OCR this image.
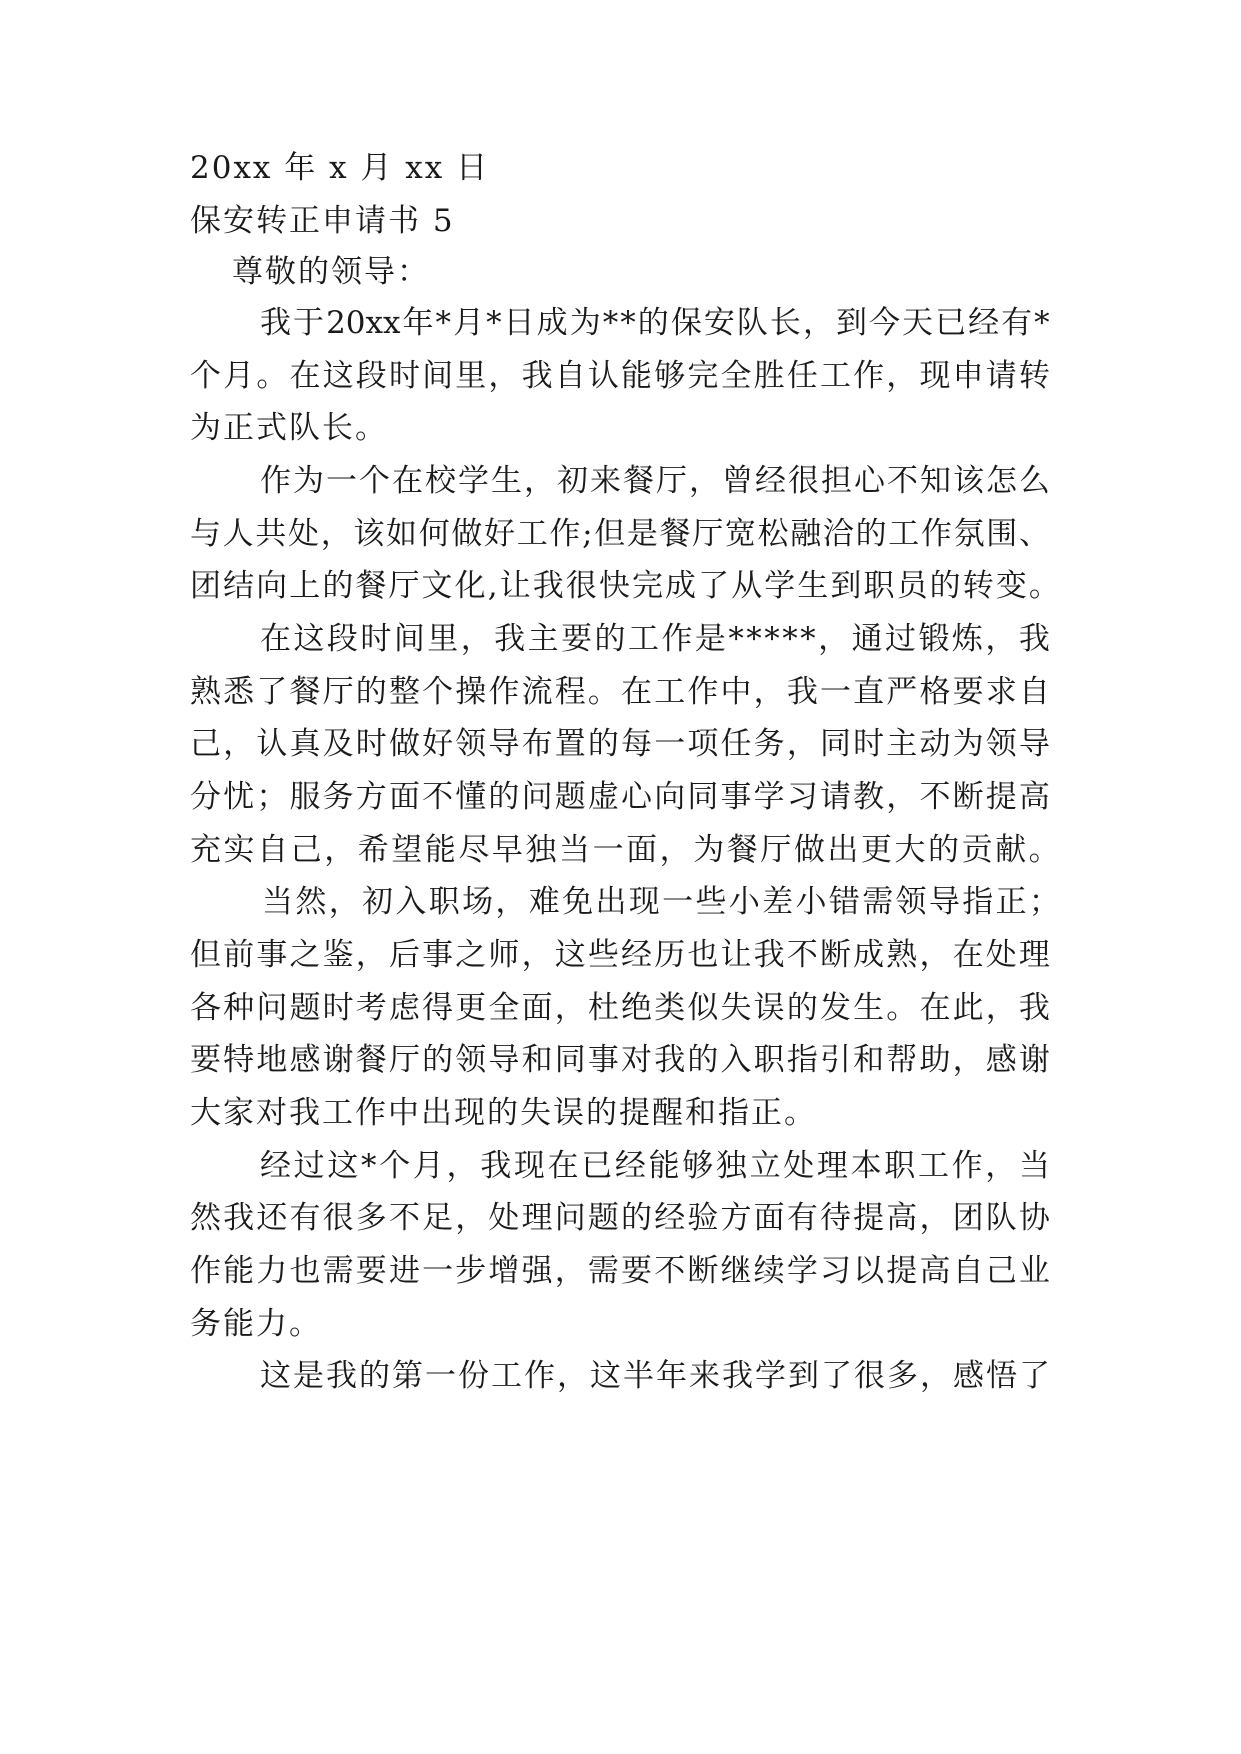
20xx 年 x 月 xx 日
保安转正申请书 5
尊敬的领导：
我 于 20xx 年 * 月 * 日 成 为 * * 的 保 安 队 长 ， 到 今 天 已 经 有 *
个 月 。 在 这 段 时 间 里 ， 我 自 认 能 够 完 全 胜 任 工 作 ， 现 申 请 转
为正式队长。
作 为 一 个 在 校 学 生 ， 初 来 餐 厅 ， 曾 经 很 担 心 不 知 该 怎 么
与 人 共 处 ， 该 如 何 做 好 工 作 ; 但 是 餐 厅 宽 松 融 洽 的 工 作 氛 围 、
团 结 向 上 的 餐 厅 文 化 , 让 我 很 快 完 成 了 从 学 生 到 职 员 的 转 变 。
在 这 段 时 间 里 ， 我 主 要 的 工 作 是 * * * * * ， 通 过 锻 炼 ， 我
熟 悉 了 餐 厅 的 整 个 操 作 流 程 。 在 工 作 中 ， 我 一 直 严 格 要 求 自
己 ， 认 真 及 时 做 好 领 导 布 置 的 每 一 项 任 务 ， 同 时 主 动 为 领 导
分 忧 ； 服 务 方 面 不 懂 的 问 题 虚 心 向 同 事 学 习 请 教 ， 不 断 提 高
充 实 自 己 ， 希 望 能 尽 早 独 当 一 面 ， 为 餐 厅 做 出 更 大 的 贡 献 。
当 然 ， 初 入 职 场 ， 难 免 出 现 一 些 小 差 小 错 需 领 导 指 正 ；
但 前 事 之 鉴 ， 后 事 之 师 ， 这 些 经 历 也 让 我 不 断 成 熟 ， 在 处 理
各 种 问 题 时 考 虑 得 更 全 面 ， 杜 绝 类 似 失 误 的 发 生 。 在 此 ， 我
要 特 地 感 谢 餐 厅 的 领 导 和 同 事 对 我 的 入 职 指 引 和 帮 助 ， 感 谢
大家对我工作中出现的失误的提醒和指正。
经 过 这 * 个 月 ， 我 现 在 已 经 能 够 独 立 处 理 本 职 工 作 ， 当
然 我 还 有 很 多 不 足 ， 处 理 问 题 的 经 验 方 面 有 待 提 高 ， 团 队 协
作 能 力 也 需 要 进 一 步 增 强 ， 需 要 不 断 继 续 学 习 以 提 高 自 己 业
务能力。
这 是 我 的 第 一 份 工 作 ， 这 半 年 来 我 学 到 了 很 多 ， 感 悟 了
